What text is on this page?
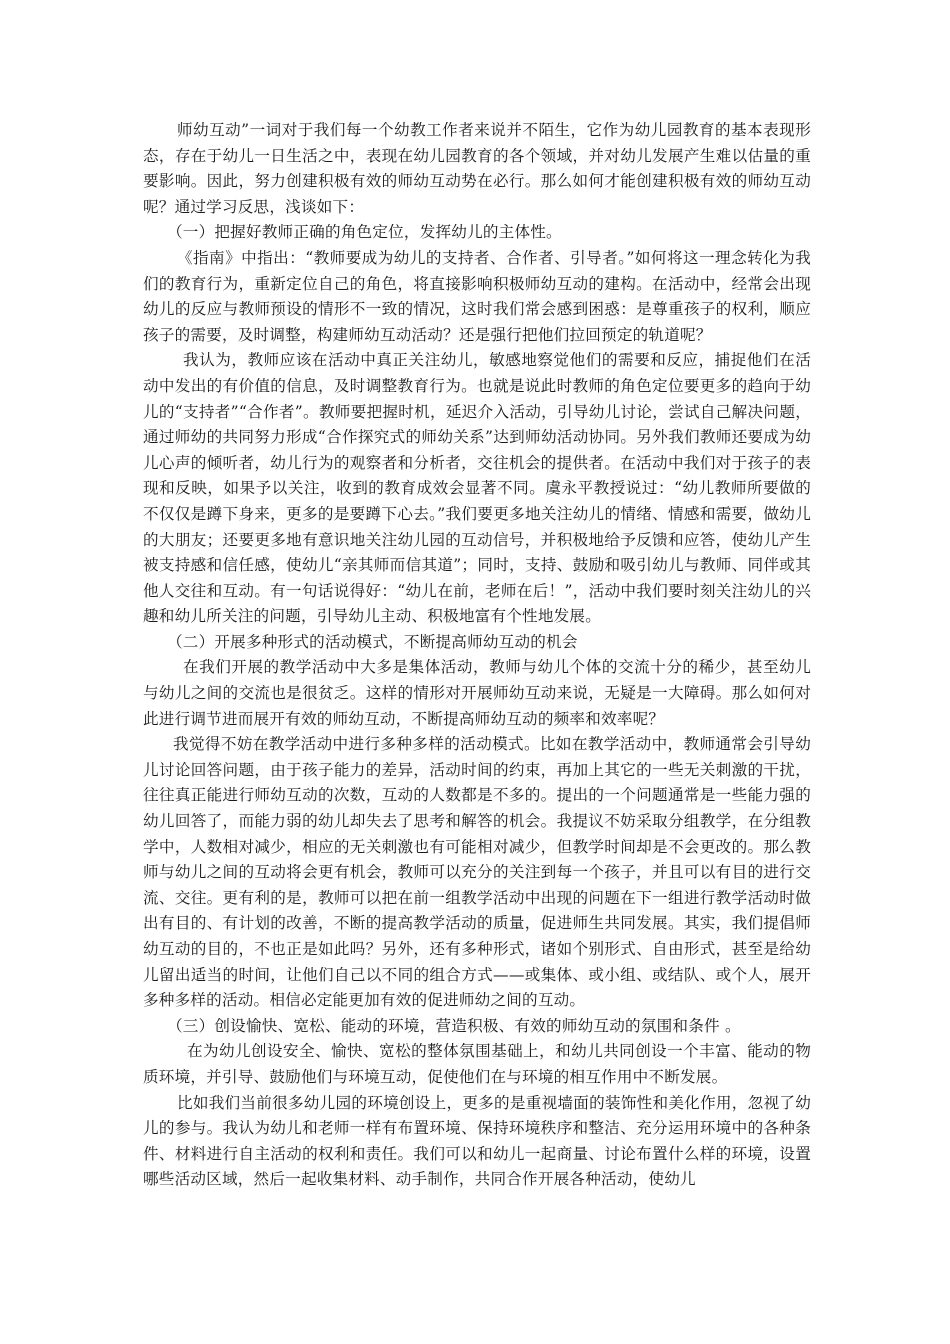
师幼互动”一词对于我们每一个幼教工作者来说并不陌生，它作为幼儿园教育的基本表现形态，存在于幼儿一日生活之中，表现在幼儿园教育的各个领域，并对幼儿发展产生难以估量的重要影响。因此，努力创建积极有效的师幼互动势在必行。那么如何才能创建积极有效的师幼互动呢？通过学习反思，浅谈如下：

（一）把握好教师正确的角色定位，发挥幼儿的主体性。

《指南》中指出：“教师要成为幼儿的支持者、合作者、引导者。”如何将这一理念转化为我们的教育行为，重新定位自己的角色，将直接影响积极师幼互动的建构。在活动中，经常会出现幼儿的反应与教师预设的情形不一致的情况，这时我们常会感到困惑：是尊重孩子的权利，顺应孩子的需要，及时调整，构建师幼互动活动？还是强行把他们拉回预定的轨道呢？

我认为，教师应该在活动中真正关注幼儿，敏感地察觉他们的需要和反应，捕捉他们在活动中发出的有价值的信息，及时调整教育行为。也就是说此时教师的角色定位要更多的趋向于幼儿的“支持者”“合作者”。教师要把握时机，延迟介入活动，引导幼儿讨论，尝试自己解决问题，通过师幼的共同努力形成“合作探究式的师幼关系”达到师幼活动协同。另外我们教师还要成为幼儿心声的倾听者，幼儿行为的观察者和分析者，交往机会的提供者。在活动中我们对于孩子的表现和反映，如果予以关注，收到的教育成效会显著不同。虞永平教授说过：“幼儿教师所要做的不仅仅是蹲下身来，更多的是要蹲下心去。”我们要更多地关注幼儿的情绪、情感和需要，做幼儿的大朋友；还要更多地有意识地关注幼儿园的互动信号，并积极地给予反馈和应答，使幼儿产生被支持感和信任感，使幼儿“亲其师而信其道”；同时，支持、鼓励和吸引幼儿与教师、同伴或其他人交往和互动。有一句话说得好：“幼儿在前，老师在后！”，活动中我们要时刻关注幼儿的兴趣和幼儿所关注的问题，引导幼儿主动、积极地富有个性地发展。

（二）开展多种形式的活动模式，不断提高师幼互动的机会

在我们开展的教学活动中大多是集体活动，教师与幼儿个体的交流十分的稀少，甚至幼儿与幼儿之间的交流也是很贫乏。这样的情形对开展师幼互动来说，无疑是一大障碍。那么如何对此进行调节进而展开有效的师幼互动，不断提高师幼互动的频率和效率呢？

我觉得不妨在教学活动中进行多种多样的活动模式。比如在教学活动中，教师通常会引导幼儿讨论回答问题，由于孩子能力的差异，活动时间的约束，再加上其它的一些无关刺激的干扰，往往真正能进行师幼互动的次数，互动的人数都是不多的。提出的一个问题通常是一些能力强的幼儿回答了，而能力弱的幼儿却失去了思考和解答的机会。我提议不妨采取分组教学，在分组教学中，人数相对减少，相应的无关刺激也有可能相对减少，但教学时间却是不会更改的。那么教师与幼儿之间的互动将会更有机会，教师可以充分的关注到每一个孩子，并且可以有目的进行交流、交往。更有利的是，教师可以把在前一组教学活动中出现的问题在下一组进行教学活动时做出有目的、有计划的改善，不断的提高教学活动的质量，促进师生共同发展。其实，我们提倡师幼互动的目的，不也正是如此吗？另外，还有多种形式，诸如个别形式、自由形式，甚至是给幼儿留出适当的时间，让他们自己以不同的组合方式——或集体、或小组、或结队、或个人，展开多种多样的活动。相信必定能更加有效的促进师幼之间的互动。

（三）创设愉快、宽松、能动的环境，营造积极、有效的师幼互动的氛围和条件 。

在为幼儿创设安全、愉快、宽松的整体氛围基础上，和幼儿共同创设一个丰富、能动的物质环境，并引导、鼓励他们与环境互动，促使他们在与环境的相互作用中不断发展。

比如我们当前很多幼儿园的环境创设上，更多的是重视墙面的装饰性和美化作用，忽视了幼儿的参与。我认为幼儿和老师一样有布置环境、保持环境秩序和整洁、充分运用环境中的各种条件、材料进行自主活动的权利和责任。我们可以和幼儿一起商量、讨论布置什么样的环境，设置哪些活动区域，然后一起收集材料、动手制作，共同合作开展各种活动，使幼儿
